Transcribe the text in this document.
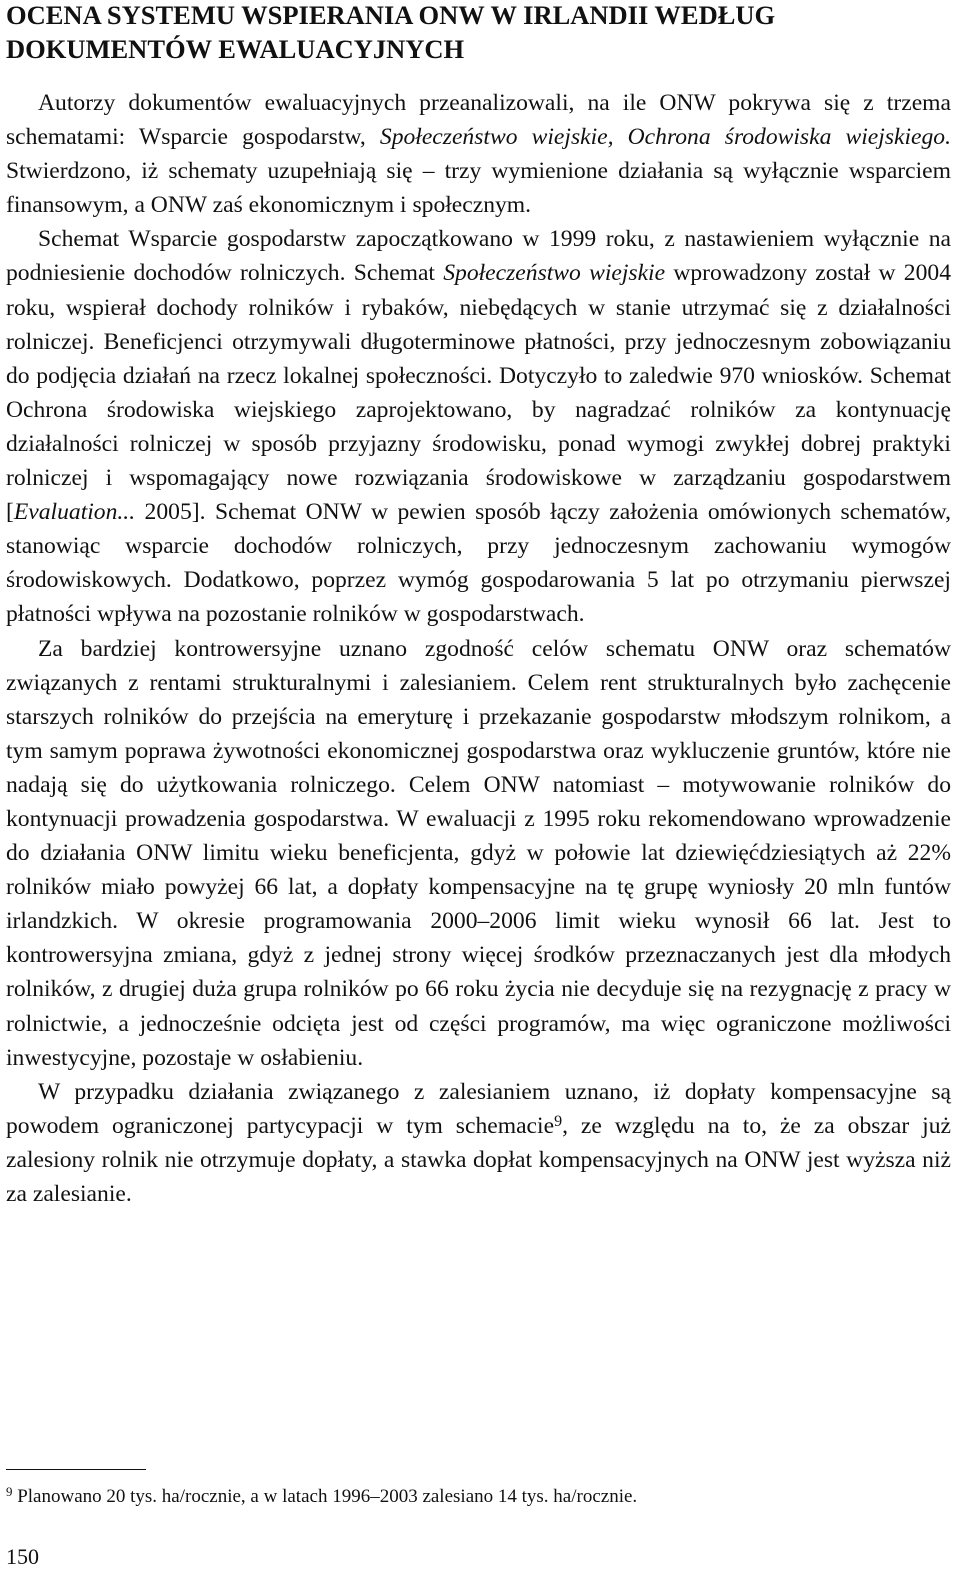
OCENA SYSTEMU WSPIERANIA ONW W IRLANDII WEDŁUG
DOKUMENTÓW EWALUACYJNYCH

Autorzy dokumentów ewaluacyjnych przeanalizowali, na ile ONW pokrywa się z trzema schematami: Wsparcie gospodarstw, Społeczeństwo wiejskie, Ochrona środowiska wiejskiego. Stwierdzono, iż schematy uzupełniają się – trzy wymienione działania są wyłącznie wsparciem finansowym, a ONW zaś ekonomicznym i społecznym.

Schemat Wsparcie gospodarstw zapoczątkowano w 1999 roku, z nastawieniem wyłącznie na podniesienie dochodów rolniczych. Schemat Społeczeństwo wiejskie wprowadzony został w 2004 roku, wspierał dochody rolników i rybaków, niebędących w stanie utrzymać się z działalności rolniczej. Beneficjenci otrzymywali długoterminowe płatności, przy jednoczesnym zobowiązaniu do podjęcia działań na rzecz lokalnej społeczności. Dotyczyło to zaledwie 970 wniosków. Schemat Ochrona środowiska wiejskiego zaprojektowano, by nagradzać rolników za kontynuację działalności rolniczej w sposób przyjazny środowisku, ponad wymogi zwykłej dobrej praktyki rolniczej i wspomagający nowe rozwiązania środowiskowe w zarządzaniu gospodarstwem [Evaluation... 2005]. Schemat ONW w pewien sposób łączy założenia omówionych schematów, stanowiąc wsparcie dochodów rolniczych, przy jednoczesnym zachowaniu wymogów środowiskowych. Dodatkowo, poprzez wymóg gospodarowania 5 lat po otrzymaniu pierwszej płatności wpływa na pozostanie rolników w gospodarstwach.

Za bardziej kontrowersyjne uznano zgodność celów schematu ONW oraz schematów związanych z rentami strukturalnymi i zalesianiem. Celem rent strukturalnych było zachęcenie starszych rolników do przejścia na emeryturę i przekazanie gospodarstw młodszym rolnikom, a tym samym poprawa żywotności ekonomicznej gospodarstwa oraz wykluczenie gruntów, które nie nadają się do użytkowania rolniczego. Celem ONW natomiast – motywowanie rolników do kontynuacji prowadzenia gospodarstwa. W ewaluacji z 1995 roku rekomendowano wprowadzenie do działania ONW limitu wieku beneficjenta, gdyż w połowie lat dziewięćdziesiątych aż 22% rolników miało powyżej 66 lat, a dopłaty kompensacyjne na tę grupę wyniosły 20 mln funtów irlandzkich. W okresie programowania 2000–2006 limit wieku wynosił 66 lat. Jest to kontrowersyjna zmiana, gdyż z jednej strony więcej środków przeznaczanych jest dla młodych rolników, z drugiej duża grupa rolników po 66 roku życia nie decyduje się na rezygnację z pracy w rolnictwie, a jednocześnie odcięta jest od części programów, ma więc ograniczone możliwości inwestycyjne, pozostaje w osłabieniu.

W przypadku działania związanego z zalesianiem uznano, iż dopłaty kompensacyjne są powodem ograniczonej partycypacji w tym schemacie$^9$, ze względu na to, że za obszar już zalesiony rolnik nie otrzymuje dopłaty, a stawka dopłat kompensacyjnych na ONW jest wyższa niż za zalesianie.

$^9$ Planowano 20 tys. ha/rocznie, a w latach 1996–2003 zalesiano 14 tys. ha/rocznie.
150
